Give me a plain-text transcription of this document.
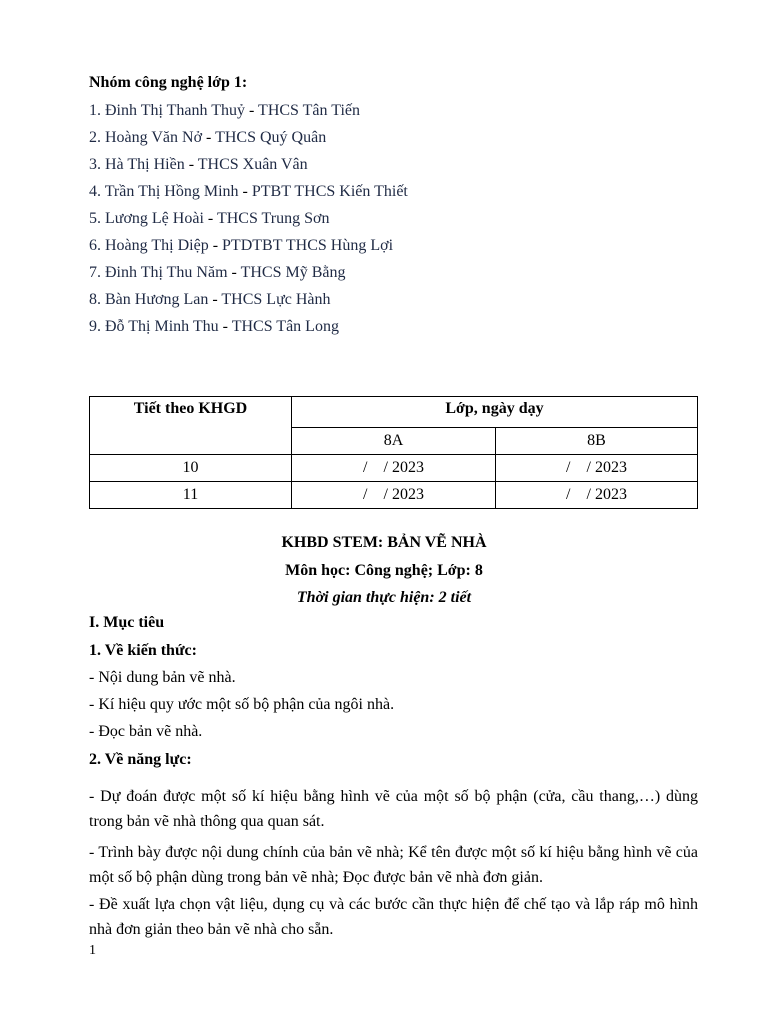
Nhóm công nghệ lớp 1:
1. Đinh Thị Thanh Thuỷ - THCS Tân Tiến
2. Hoàng Văn Nở - THCS Quý Quân
3. Hà Thị Hiền - THCS Xuân Vân
4. Trần Thị Hồng Minh - PTBT THCS Kiến Thiết
5. Lương Lệ Hoài - THCS Trung Sơn
6. Hoàng Thị Diệp - PTDTBT THCS Hùng Lợi
7. Đinh Thị Thu Năm - THCS Mỹ Bằng
8. Bàn Hương Lan - THCS Lực Hành
9. Đỗ Thị Minh Thu - THCS Tân Long
Tiết theo KHGD	Lớp, ngày dạy	
	8A	8B
10	/    / 2023	/    / 2023
11	/    / 2023	/    / 2023
KHBD STEM: BẢN VẼ NHÀ
Môn học: Công nghệ; Lớp: 8
Thời gian thực hiện: 2 tiết
I. Mục tiêu
1. Về kiến thức:
- Nội dung bản vẽ nhà.
- Kí hiệu quy ước một số bộ phận của ngôi nhà.
- Đọc bản vẽ nhà.
2. Về năng lực:
- Dự đoán được một số kí hiệu bằng hình vẽ của một số bộ phận (cửa, cầu thang,…) dùng trong bản vẽ nhà thông qua quan sát.
- Trình bày được nội dung chính của bản vẽ nhà; Kể tên được một số kí hiệu bằng hình vẽ của một số bộ phận dùng trong bản vẽ nhà; Đọc được bản vẽ nhà đơn giản.
- Đề xuất lựa chọn vật liệu, dụng cụ và các bước cần thực hiện để chế tạo và lắp ráp mô hình nhà đơn giản theo bản vẽ nhà cho sẵn.
1
